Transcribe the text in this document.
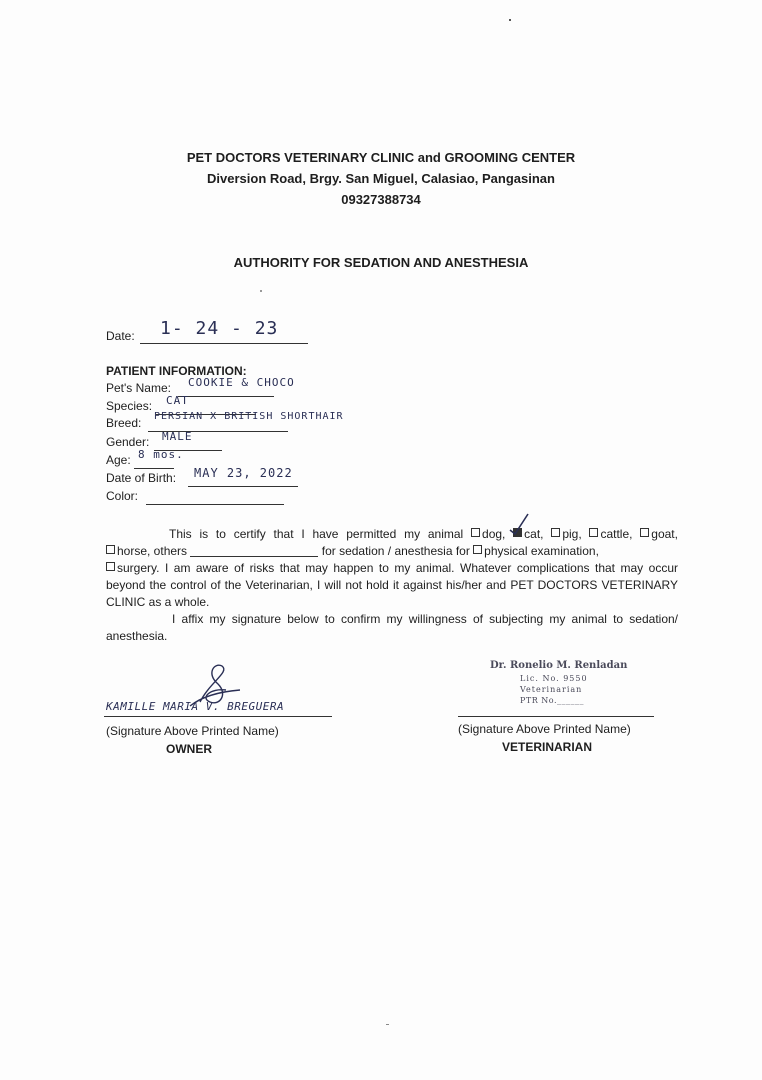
PET DOCTORS VETERINARY CLINIC and GROOMING CENTER
Diversion Road, Brgy. San Miguel, Calasiao, Pangasinan
09327388734
AUTHORITY FOR SEDATION AND ANESTHESIA
Date: 1- 24 - 23
PATIENT INFORMATION:
Pet's Name: COOKIE & CHOCO
Species: CAT
Breed: PERSIAN X BRITISH SHORTHAIR
Gender: MALE
Age: 8 mos.
Date of Birth: MAY 23, 2022
Color:
This is to certify that I have permitted my animal dog, cat, pig, cattle, goat,
horse, others	for sedation / anesthesia for physical examination,
surgery. I am aware of risks that may happen to my animal. Whatever complications that may occur beyond the control of the Veterinarian, I will not hold it against his/her and PET DOCTORS VETERINARY CLINIC as a whole.
I affix my signature below to confirm my willingness of subjecting my animal to sedation/ anesthesia.
KAMILLE MARIA V. BREGUERA
(Signature Above Printed Name)
OWNER
Dr. Ronelio M. Renladan
Lic. No. 9550
Veterinarian
PTR No.______
(Signature Above Printed Name)
VETERINARIAN
